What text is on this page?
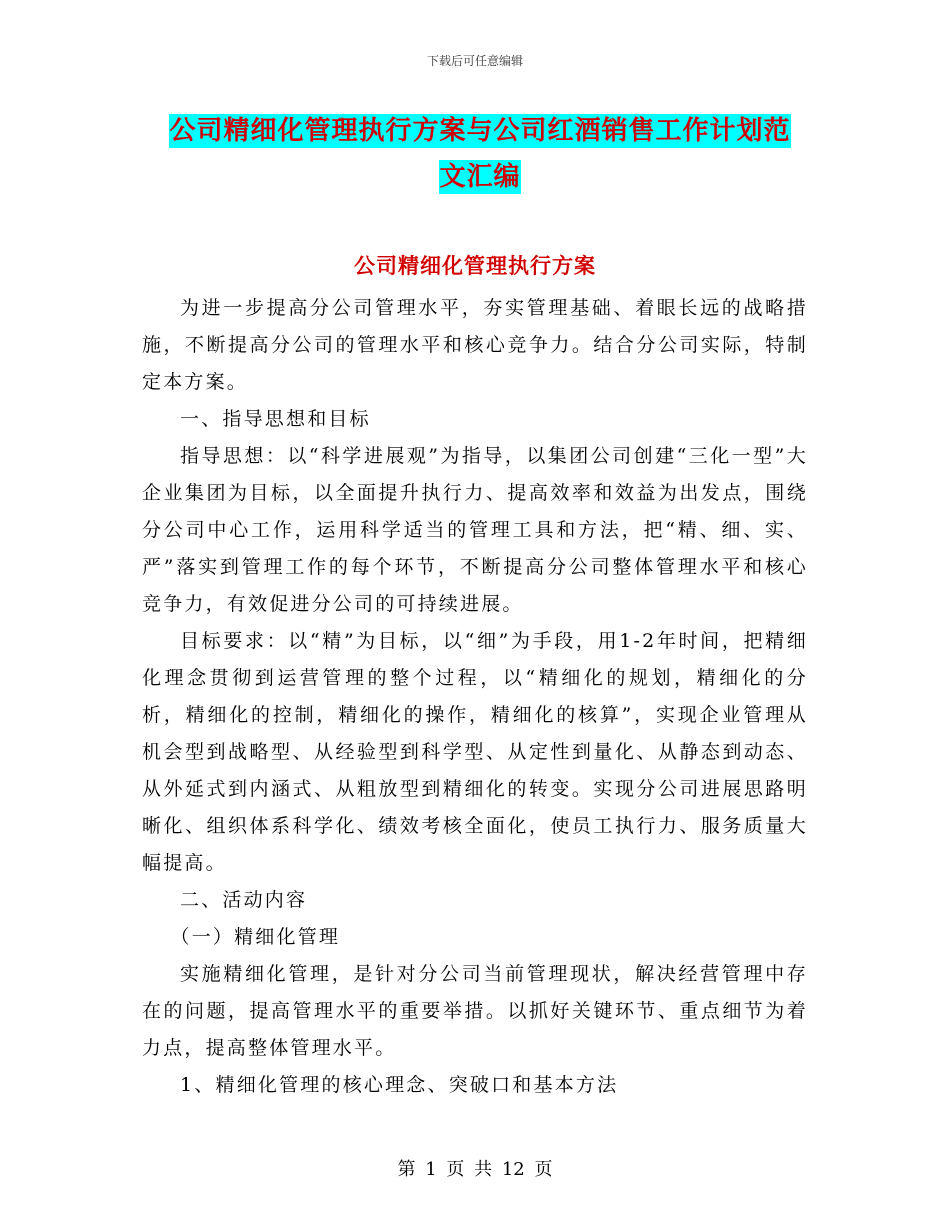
下载后可任意编辑
公司精细化管理执行方案与公司红酒销售工作计划范
文汇编
公司精细化管理执行方案

为进一步提高分公司管理水平，夯实管理基础、着眼长远的战略措施，不断提高分公司的管理水平和核心竞争力。结合分公司实际，特制定本方案。

一、指导思想和目标

指导思想：以“科学进展观”为指导，以集团公司创建“三化一型”大企业集团为目标，以全面提升执行力、提高效率和效益为出发点，围绕分公司中心工作，运用科学适当的管理工具和方法，把“精、细、实、严”落实到管理工作的每个环节，不断提高分公司整体管理水平和核心竞争力，有效促进分公司的可持续进展。

目标要求：以“精”为目标，以“细”为手段，用1-2年时间，把精细化理念贯彻到运营管理的整个过程，以“精细化的规划，精细化的分析，精细化的控制，精细化的操作，精细化的核算”，实现企业管理从机会型到战略型、从经验型到科学型、从定性到量化、从静态到动态、从外延式到内涵式、从粗放型到精细化的转变。实现分公司进展思路明晰化、组织体系科学化、绩效考核全面化，使员工执行力、服务质量大幅提高。

二、活动内容

（一）精细化管理

实施精细化管理，是针对分公司当前管理现状，解决经营管理中存在的问题，提高管理水平的重要举措。以抓好关键环节、重点细节为着力点，提高整体管理水平。

1、精细化管理的核心理念、突破口和基本方法

第 1 页 共 12 页
